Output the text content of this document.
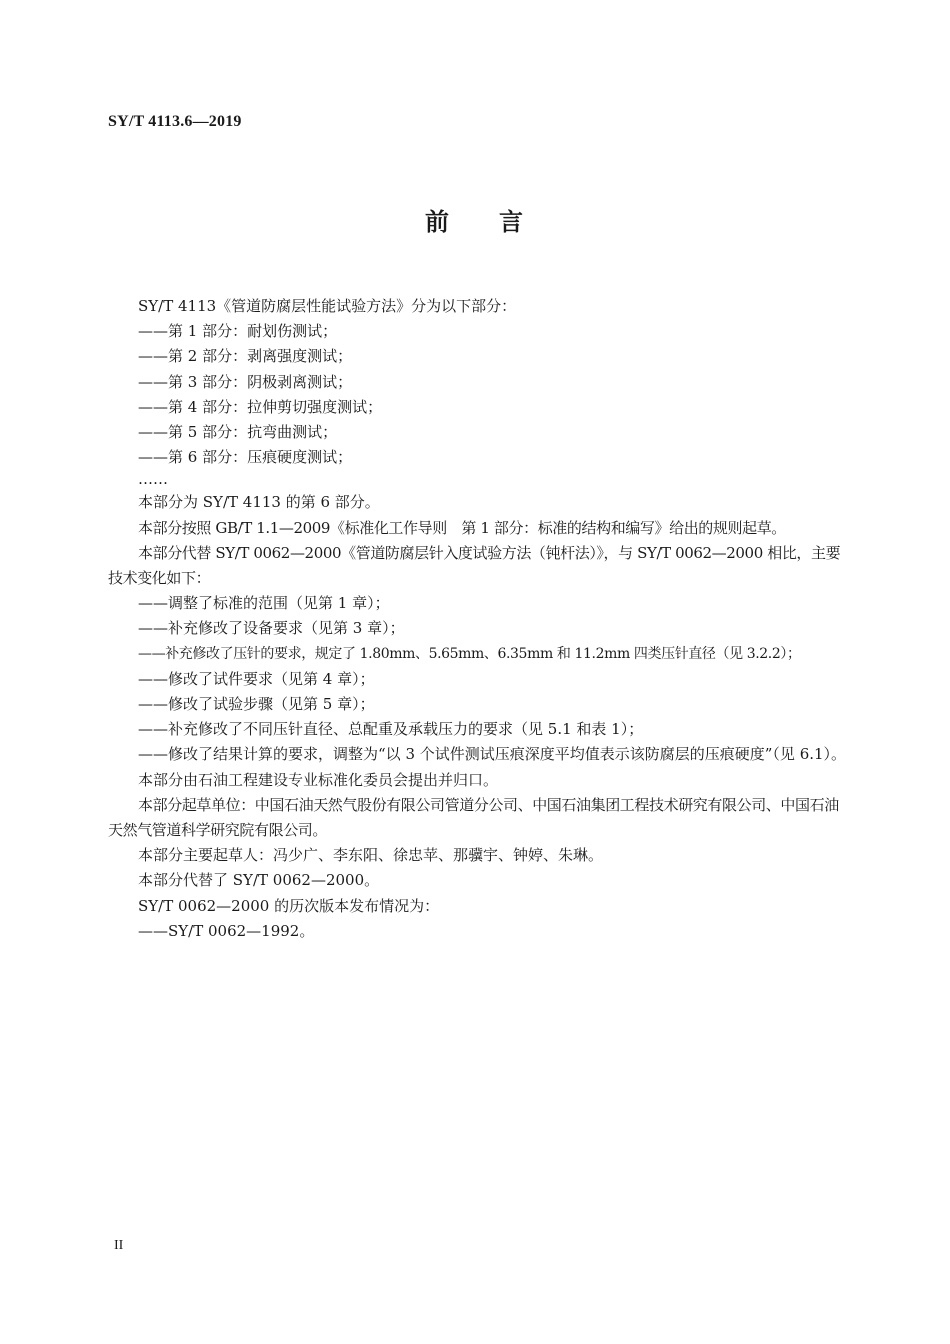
SY/T 4113.6—2019
前 言

SY/T 4113《管道防腐层性能试验方法》分为以下部分：

——第 1 部分：耐划伤测试；

——第 2 部分：剥离强度测试；

——第 3 部分：阴极剥离测试；

——第 4 部分：拉伸剪切强度测试；

——第 5 部分：抗弯曲测试；

——第 6 部分：压痕硬度测试；

……

本部分为 SY/T 4113 的第 6 部分。

本部分按照 GB/T 1.1—2009《标准化工作导则　第 1 部分：标准的结构和编写》给出的规则起草。

本部分代替 SY/T 0062—2000《管道防腐层针入度试验方法（钝杆法）》，与 SY/T 0062—2000 相比，主要技术变化如下：

——调整了标准的范围（见第 1 章）；

——补充修改了设备要求（见第 3 章）；

——补充修改了压针的要求，规定了 1.80mm、5.65mm、6.35mm 和 11.2mm 四类压针直径（见 3.2.2）；

——修改了试件要求（见第 4 章）；

——修改了试验步骤（见第 5 章）；

——补充修改了不同压针直径、总配重及承载压力的要求（见 5.1 和表 1）；

——修改了结果计算的要求，调整为“以 3 个试件测试压痕深度平均值表示该防腐层的压痕硬度”（见 6.1）。

本部分由石油工程建设专业标准化委员会提出并归口。

本部分起草单位：中国石油天然气股份有限公司管道分公司、中国石油集团工程技术研究有限公司、中国石油天然气管道科学研究院有限公司。

本部分主要起草人：冯少广、李东阳、徐忠苹、那骥宇、钟婷、朱琳。

本部分代替了 SY/T 0062—2000。

SY/T 0062—2000 的历次版本发布情况为：

——SY/T 0062—1992。

II
